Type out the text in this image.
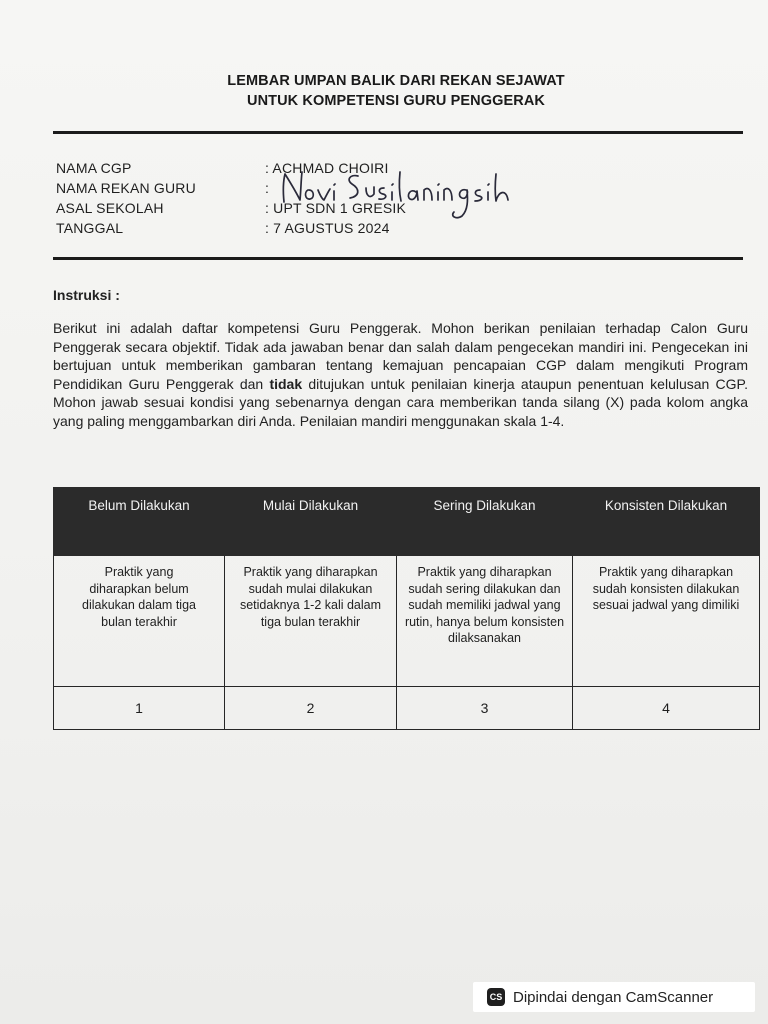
LEMBAR UMPAN BALIK DARI REKAN SEJAWAT
UNTUK KOMPETENSI GURU PENGGERAK
NAMA CGP	: ACHMAD CHOIRI
NAMA REKAN GURU	:
ASAL SEKOLAH	: UPT SDN 1 GRESIK
TANGGAL	: 7 AGUSTUS 2024
Instruksi :
Berikut ini adalah daftar kompetensi Guru Penggerak. Mohon berikan penilaian terhadap Calon Guru Penggerak secara objektif. Tidak ada jawaban benar dan salah dalam pengecekan mandiri ini. Pengecekan ini bertujuan untuk memberikan gambaran tentang kemajuan pencapaian CGP dalam mengikuti Program Pendidikan Guru Penggerak dan tidak ditujukan untuk penilaian kinerja ataupun penentuan kelulusan CGP. Mohon jawab sesuai kondisi yang sebenarnya dengan cara memberikan tanda silang (X) pada kolom angka yang paling menggambarkan diri Anda. Penilaian mandiri menggunakan skala 1-4.
Belum Dilakukan	Mulai Dilakukan	Sering Dilakukan	Konsisten Dilakukan
Praktik yang diharapkan belum dilakukan dalam tiga bulan terakhir	Praktik yang diharapkan sudah mulai dilakukan setidaknya 1-2 kali dalam tiga bulan terakhir	Praktik yang diharapkan sudah sering dilakukan dan sudah memiliki jadwal yang rutin, hanya belum konsisten dilaksanakan	Praktik yang diharapkan sudah konsisten dilakukan sesuai jadwal yang dimiliki
1	2	3	4
CS Dipindai dengan CamScanner
